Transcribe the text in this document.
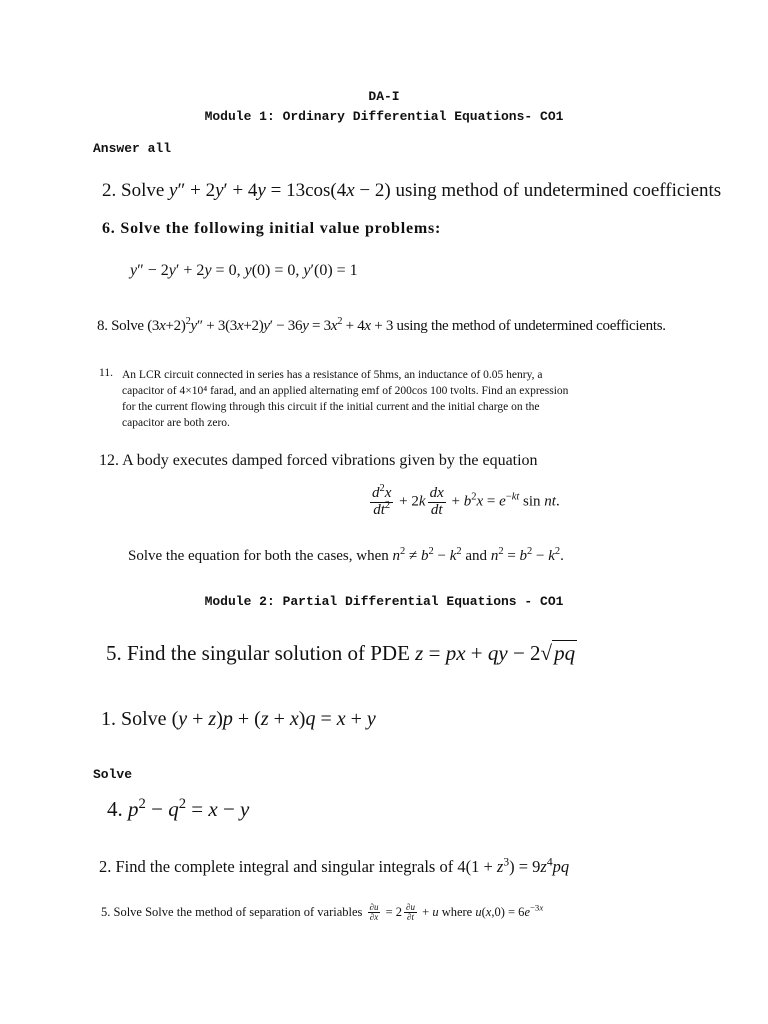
DA-I
Module 1: Ordinary Differential Equations- CO1
Answer all
2. Solve y″ + 2y′ + 4y = 13cos(4x − 2) using method of undetermined coefficients
6. Solve the following initial value problems:
y″ − 2y′ + 2y = 0, y(0) = 0, y′(0) = 1
8. Solve $(3x+2)^2y'' + 3(3x+2)y' - 36y = 3x^2 + 4x + 3$ using the method of undetermined coefficients.
11. An LCR circuit connected in series has a resistance of 5hms, an inductance of 0.05 henry, a
capacitor of 4×10⁴ farad, and an applied alternating emf of 200cos 100 tvolts. Find an expression
for the current flowing through this circuit if the initial current and the initial charge on the
capacitor are both zero.
12. A body executes damped forced vibrations given by the equation
$\frac{d^2x}{dt^2} + 2k \frac{dx}{dt} + b^2x = e^{-kt}$ sin nt.
Solve the equation for both the cases, when $n^2 \ne b^2 - k^2$ and $n^2 = b^2 - k^2$.
Module 2: Partial Differential Equations - CO1
5. Find the singular solution of PDE z = px + qy − 2√pq
1. Solve (y + z)p + (z + x)q = x + y
Solve
4. $p^2 - q^2 = x - y$
2. Find the complete integral and singular integrals of $4(1 + z^3) = 9z^4pq$
5. Solve Solve the method of separation of variables $\frac{\partial u}{\partial x} = 2 \frac{\partial u}{\partial t} + u$ where $u(x,0) = 6e^{-3x}$
